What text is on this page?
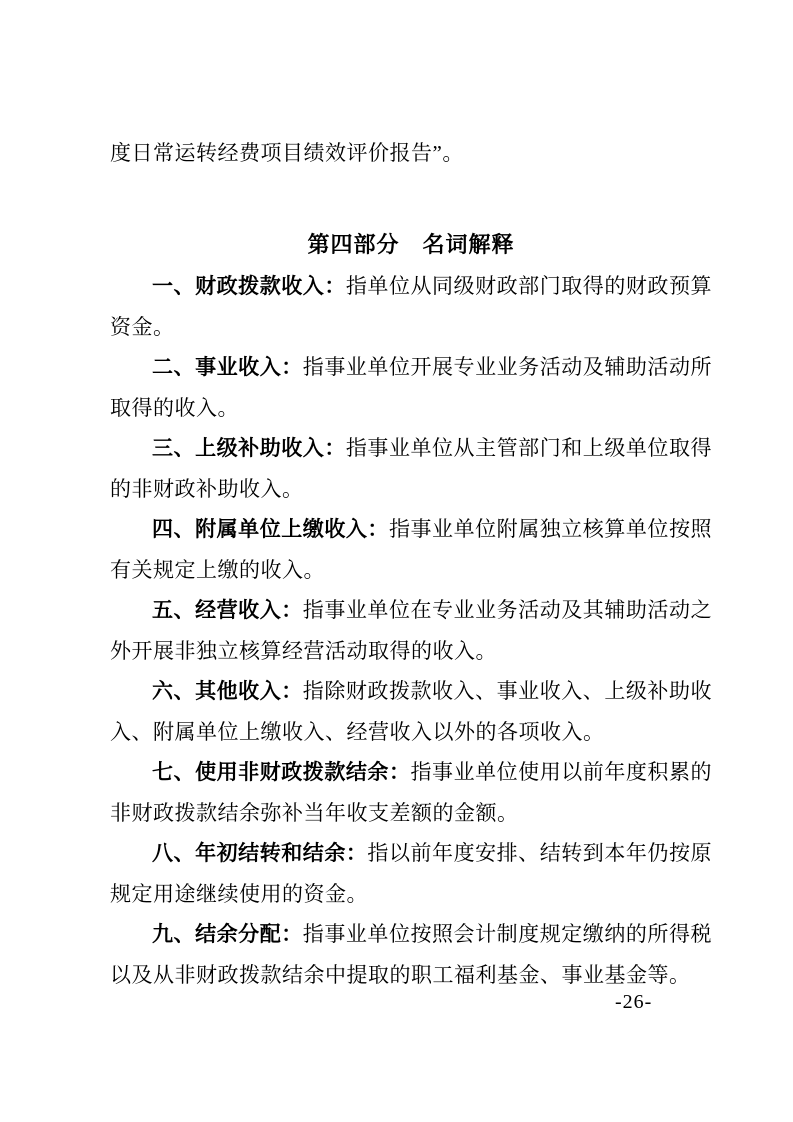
度日常运转经费项目绩效评价报告”。

第四部分　名词解释

一、财政拨款收入：指单位从同级财政部门取得的财政预算资金。

二、事业收入：指事业单位开展专业业务活动及辅助活动所取得的收入。

三、上级补助收入：指事业单位从主管部门和上级单位取得的非财政补助收入。

四、附属单位上缴收入：指事业单位附属独立核算单位按照有关规定上缴的收入。

五、经营收入：指事业单位在专业业务活动及其辅助活动之外开展非独立核算经营活动取得的收入。

六、其他收入：指除财政拨款收入、事业收入、上级补助收入、附属单位上缴收入、经营收入以外的各项收入。

七、使用非财政拨款结余：指事业单位使用以前年度积累的非财政拨款结余弥补当年收支差额的金额。

八、年初结转和结余：指以前年度安排、结转到本年仍按原规定用途继续使用的资金。

九、结余分配：指事业单位按照会计制度规定缴纳的所得税以及从非财政拨款结余中提取的职工福利基金、事业基金等。

-26-
